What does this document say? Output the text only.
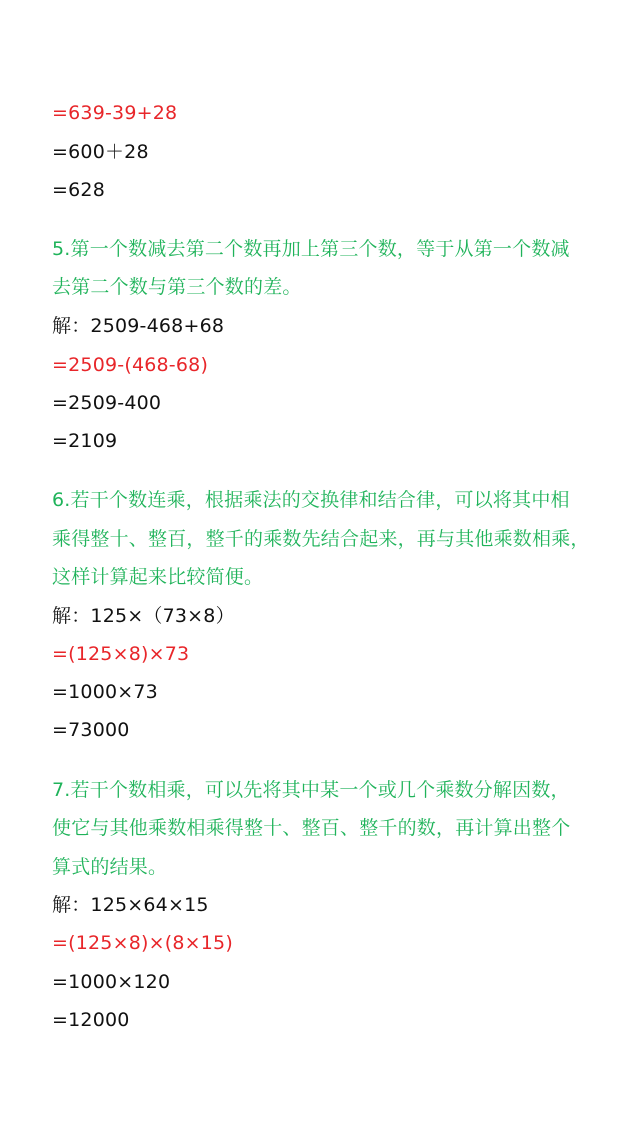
=639-39+28

=600＋28

=628

5.第一个数减去第二个数再加上第三个数，等于从第一个数减

去第二个数与第三个数的差。

解：2509-468+68

=2509-(468-68)

=2509-400

=2109

6.若干个数连乘，根据乘法的交换律和结合律，可以将其中相

乘得整十、整百，整千的乘数先结合起来，再与其他乘数相乘，

这样计算起来比较简便。

解：125×（73×8）

=(125×8)×73

=1000×73

=73000

7.若干个数相乘，可以先将其中某一个或几个乘数分解因数，

使它与其他乘数相乘得整十、整百、整千的数，再计算出整个

算式的结果。

解：125×64×15

=(125×8)×(8×15)

=1000×120

=12000
